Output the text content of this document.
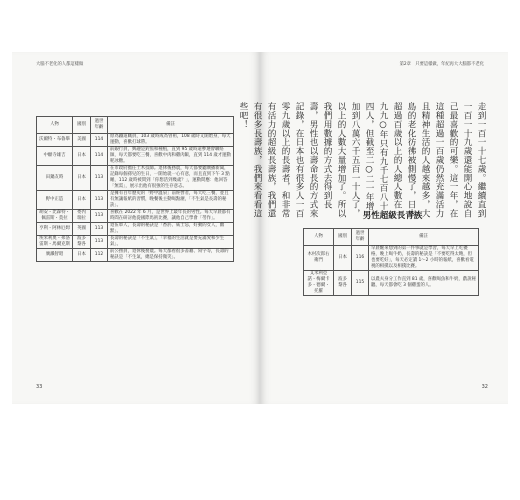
大腦不老化的人都這樣做
人物	國別	過世年齡	備註
沃爾特・布魯畢	美國	114	原為鐵道職員，103 歲時成為曾祖，108 歲時又開始身，每天運動，喜歡打球帶。
中願寺雄吉	日本	114	前銀行員，興趣是釣魚和種植，直到 95 歲時還參選會聯絡師，每天都要吃三餐，喜歡中肉和雞肉飯，直到 114 歲才運動呢冰糖。
田鍋友時	日本	113	在市政府擔任土木技師。退休後務農，每天都要聽廣播新聞，記錄每個孫兒的生日，一開始就一心有意，而且直到下午 3 點睡，112 歲時被問到「你想活到幾歲？」，運動問應：他回答「無需」，展示出他有很強的生存意志。
野中正造	日本	113	是擁有百年歷史的「野中溫泉」前經營者，每天吃三餐，並且有無讓報紙的習慣，晚餐後主動喝點灑，「不生氣是長壽的秘訣」。
胡安・比森特・佩雷斯・莫拉	委內瑞拉	113	喜歡在 2022 年 6 月，是世界上最年長的男性。每天早晨都有時間在研討他從國際馬術比賽，讓他自己學會「勞作」。
亨利・阿林厄姆	英國	113	退伍軍人，長壽的秘訣是「香菸、威士忌，好動的女人，幽默」。
埃米利奧・弗洛雷斯・馬爾克斯	波多黎各	113	長壽的秘訣是「不生氣」，「幸福的生活就是要充滿愛和少生氣」。
廣瀨智昭	日本	112	前公務員，退休後務農。每天都看很多書籍、寫字等，長壽的秘訣是「不生氣，總是保持微笑」。
33
第2章　只要這樣做，年紀再大大腦都不老化
走到一百一十七歲。繼續直到一百一十九歲還能開心地說自己最喜歡的可樂。這一年，在這種超過一百歲仍然充滿活力且精神生活的人越來越多，大島的老化彷彿被側慢了，日本超過百歲以上的人總人數在一九九○年只有九千七百八十四人，但截至二○二一年增加到八萬六千五百一十人了，以上的人數大量增加了。所以我們用數據的方式去得到長壽，男性也以壽命長的方式來記錄，在日本也有很多人一百零九歲以上的長壽者，和非常有活力的超級長壽族，我們還有很多長壽族，我們來看看這些吧！
男性超級長青族
人物	國別	過世年齡	備註
木村次郎右衛門	日本	116	早晨醒來想到的第一件事就是學習，每天早上吃優格，晚上喝牛奶，長壽的秘訣是「不要吃得太飽，但也要吃好」，每天必定讀 1～2 小時的報紙，喜歡看電視的相撲以及相撲比賽。
艾米利亞諾・梅爾卡多・德爾・托羅	波多黎各	115	以農夫身分工作直到 81 歲，喜歡喝魚和牛奶，戲說秘聽，每天都會吃 3 個雞蛋的人。
32
